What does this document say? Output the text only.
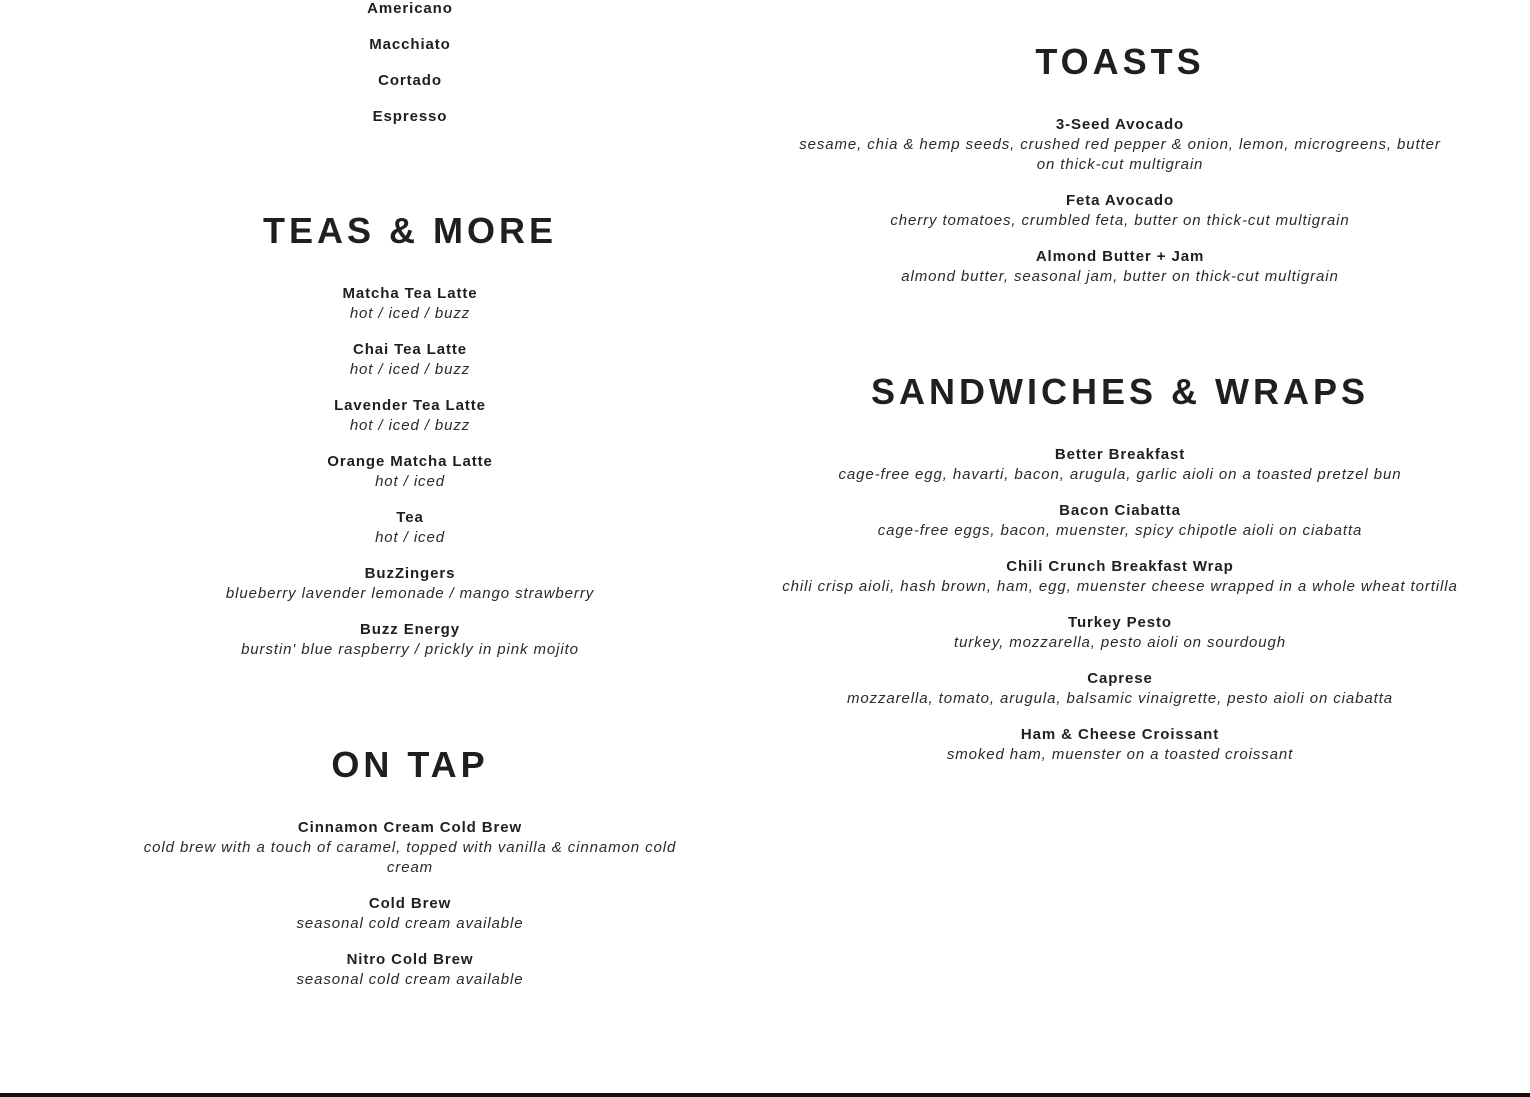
Americano
Macchiato
Cortado
Espresso
TEAS & MORE
Matcha Tea Latte
hot / iced / buzz
Chai Tea Latte
hot / iced / buzz
Lavender Tea Latte
hot / iced / buzz
Orange Matcha Latte
hot / iced
Tea
hot / iced
BuzZingers
blueberry lavender lemonade / mango strawberry
Buzz Energy
burstin' blue raspberry / prickly in pink mojito
ON TAP
Cinnamon Cream Cold Brew
cold brew with a touch of caramel, topped with vanilla & cinnamon cold cream
Cold Brew
seasonal cold cream available
Nitro Cold Brew
seasonal cold cream available
TOASTS
3-Seed Avocado
sesame, chia & hemp seeds, crushed red pepper & onion, lemon, microgreens, butter on thick-cut multigrain
Feta Avocado
cherry tomatoes, crumbled feta, butter on thick-cut multigrain
Almond Butter + Jam
almond butter, seasonal jam, butter on thick-cut multigrain
SANDWICHES & WRAPS
Better Breakfast
cage-free egg, havarti, bacon, arugula, garlic aioli on a toasted pretzel bun
Bacon Ciabatta
cage-free eggs, bacon, muenster, spicy chipotle aioli on ciabatta
Chili Crunch Breakfast Wrap
chili crisp aioli, hash brown, ham, egg, muenster cheese wrapped in a whole wheat tortilla
Turkey Pesto
turkey, mozzarella, pesto aioli on sourdough
Caprese
mozzarella, tomato, arugula, balsamic vinaigrette, pesto aioli on ciabatta
Ham & Cheese Croissant
smoked ham, muenster on a toasted croissant
